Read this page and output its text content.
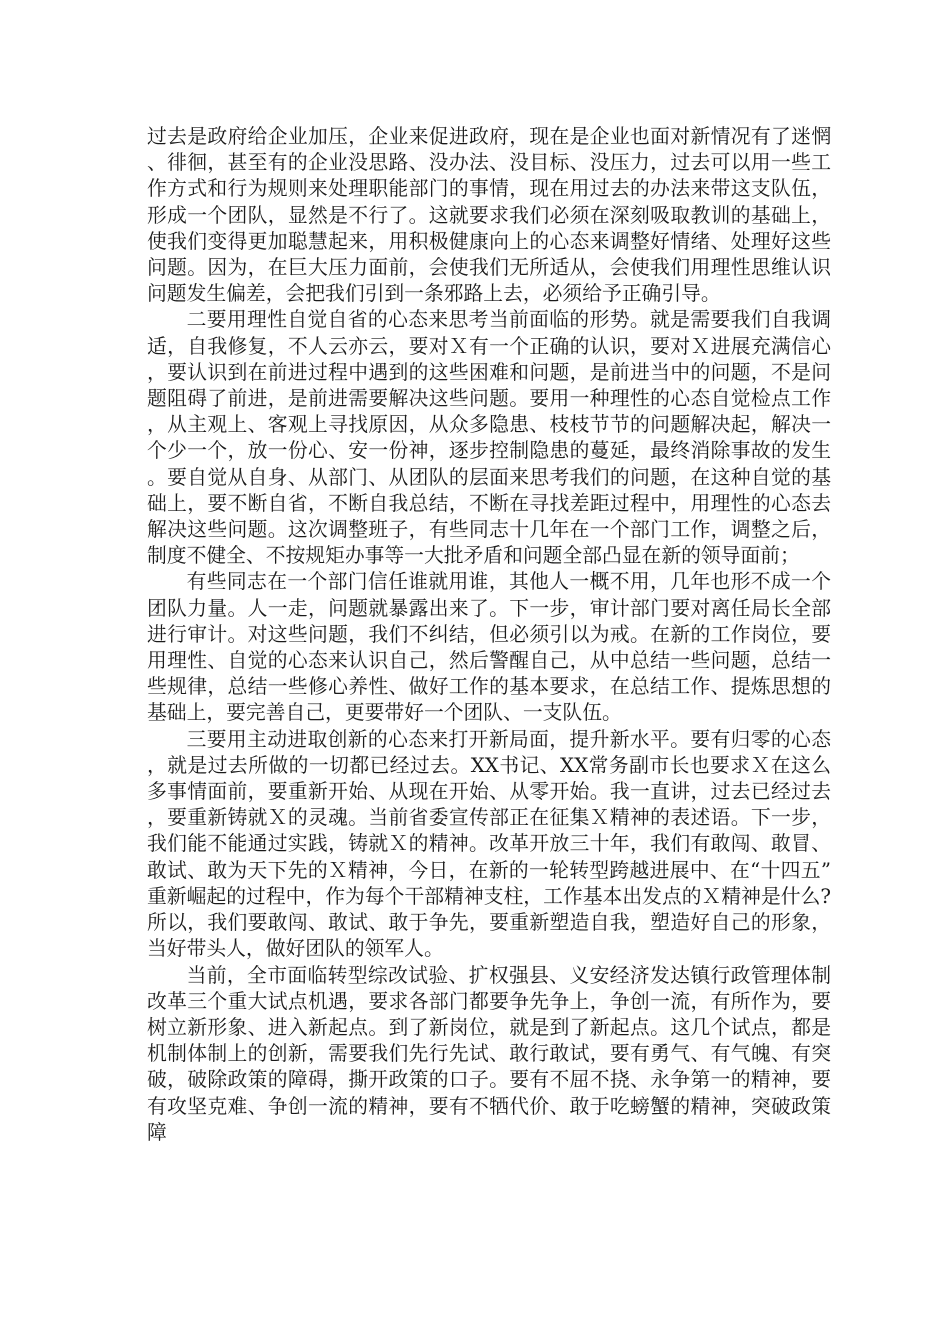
过去是政府给企业加压，企业来促进政府，现在是企业也面对新情况有了迷惘、徘徊，甚至有的企业没思路、没办法、没目标、没压力，过去可以用一些工作方式和行为规则来处理职能部门的事情，现在用过去的办法来带这支队伍，形成一个团队，显然是不行了。这就要求我们必须在深刻吸取教训的基础上，使我们变得更加聪慧起来，用积极健康向上的心态来调整好情绪、处理好这些问题。因为，在巨大压力面前，会使我们无所适从，会使我们用理性思维认识问题发生偏差，会把我们引到一条邪路上去，必须给予正确引导。

二要用理性自觉自省的心态来思考当前面临的形势。就是需要我们自我调适，自我修复，不人云亦云，要对Ｘ有一个正确的认识，要对Ｘ进展充满信心，要认识到在前进过程中遇到的这些困难和问题，是前进当中的问题，不是问题阻碍了前进，是前进需要解决这些问题。要用一种理性的心态自觉检点工作，从主观上、客观上寻找原因，从众多隐患、枝枝节节的问题解决起，解决一个少一个，放一份心、安一份神，逐步控制隐患的蔓延，最终消除事故的发生。要自觉从自身、从部门、从团队的层面来思考我们的问题，在这种自觉的基础上，要不断自省，不断自我总结，不断在寻找差距过程中，用理性的心态去解决这些问题。这次调整班子，有些同志十几年在一个部门工作，调整之后，制度不健全、不按规矩办事等一大批矛盾和问题全部凸显在新的领导面前；

有些同志在一个部门信任谁就用谁，其他人一概不用，几年也形不成一个团队力量。人一走，问题就暴露出来了。下一步，审计部门要对离任局长全部进行审计。对这些问题，我们不纠结，但必须引以为戒。在新的工作岗位，要用理性、自觉的心态来认识自己，然后警醒自己，从中总结一些问题，总结一些规律，总结一些修心养性、做好工作的基本要求，在总结工作、提炼思想的基础上，要完善自己，更要带好一个团队、一支队伍。

三要用主动进取创新的心态来打开新局面，提升新水平。要有归零的心态，就是过去所做的一切都已经过去。XX书记、XX常务副市长也要求Ｘ在这么多事情面前，要重新开始、从现在开始、从零开始。我一直讲，过去已经过去，要重新铸就Ｘ的灵魂。当前省委宣传部正在征集Ｘ精神的表述语。下一步，我们能不能通过实践，铸就Ｘ的精神。改革开放三十年，我们有敢闯、敢冒、敢试、敢为天下先的Ｘ精神，今日，在新的一轮转型跨越进展中、在“十四五”重新崛起的过程中，作为每个干部精神支柱，工作基本出发点的Ｘ精神是什么?所以，我们要敢闯、敢试、敢于争先，要重新塑造自我，塑造好自己的形象，当好带头人，做好团队的领军人。

当前，全市面临转型综改试验、扩权强县、义安经济发达镇行政管理体制改革三个重大试点机遇，要求各部门都要争先争上，争创一流，有所作为，要树立新形象、进入新起点。到了新岗位，就是到了新起点。这几个试点，都是机制体制上的创新，需要我们先行先试、敢行敢试，要有勇气、有气魄、有突破，破除政策的障碍，撕开政策的口子。要有不屈不挠、永争第一的精神，要有攻坚克难、争创一流的精神，要有不牺代价、敢于吃螃蟹的精神，突破政策障
